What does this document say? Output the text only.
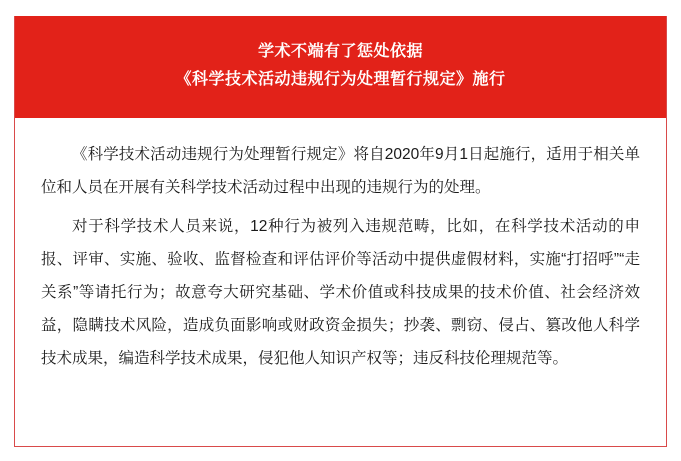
学术不端有了惩处依据
《科学技术活动违规行为处理暂行规定》施行

《科学技术活动违规行为处理暂行规定》将自2020年9月1日起施行，适用于相关单位和人员在开展有关科学技术活动过程中出现的违规行为的处理。

对于科学技术人员来说，12种行为被列入违规范畴，比如，在科学技术活动的申报、评审、实施、验收、监督检查和评估评价等活动中提供虚假材料，实施“打招呼”“走关系”等请托行为；故意夸大研究基础、学术价值或科技成果的技术价值、社会经济效益，隐瞒技术风险，造成负面影响或财政资金损失；抄袭、剽窃、侵占、篡改他人科学技术成果，编造科学技术成果，侵犯他人知识产权等；违反科技伦理规范等。
